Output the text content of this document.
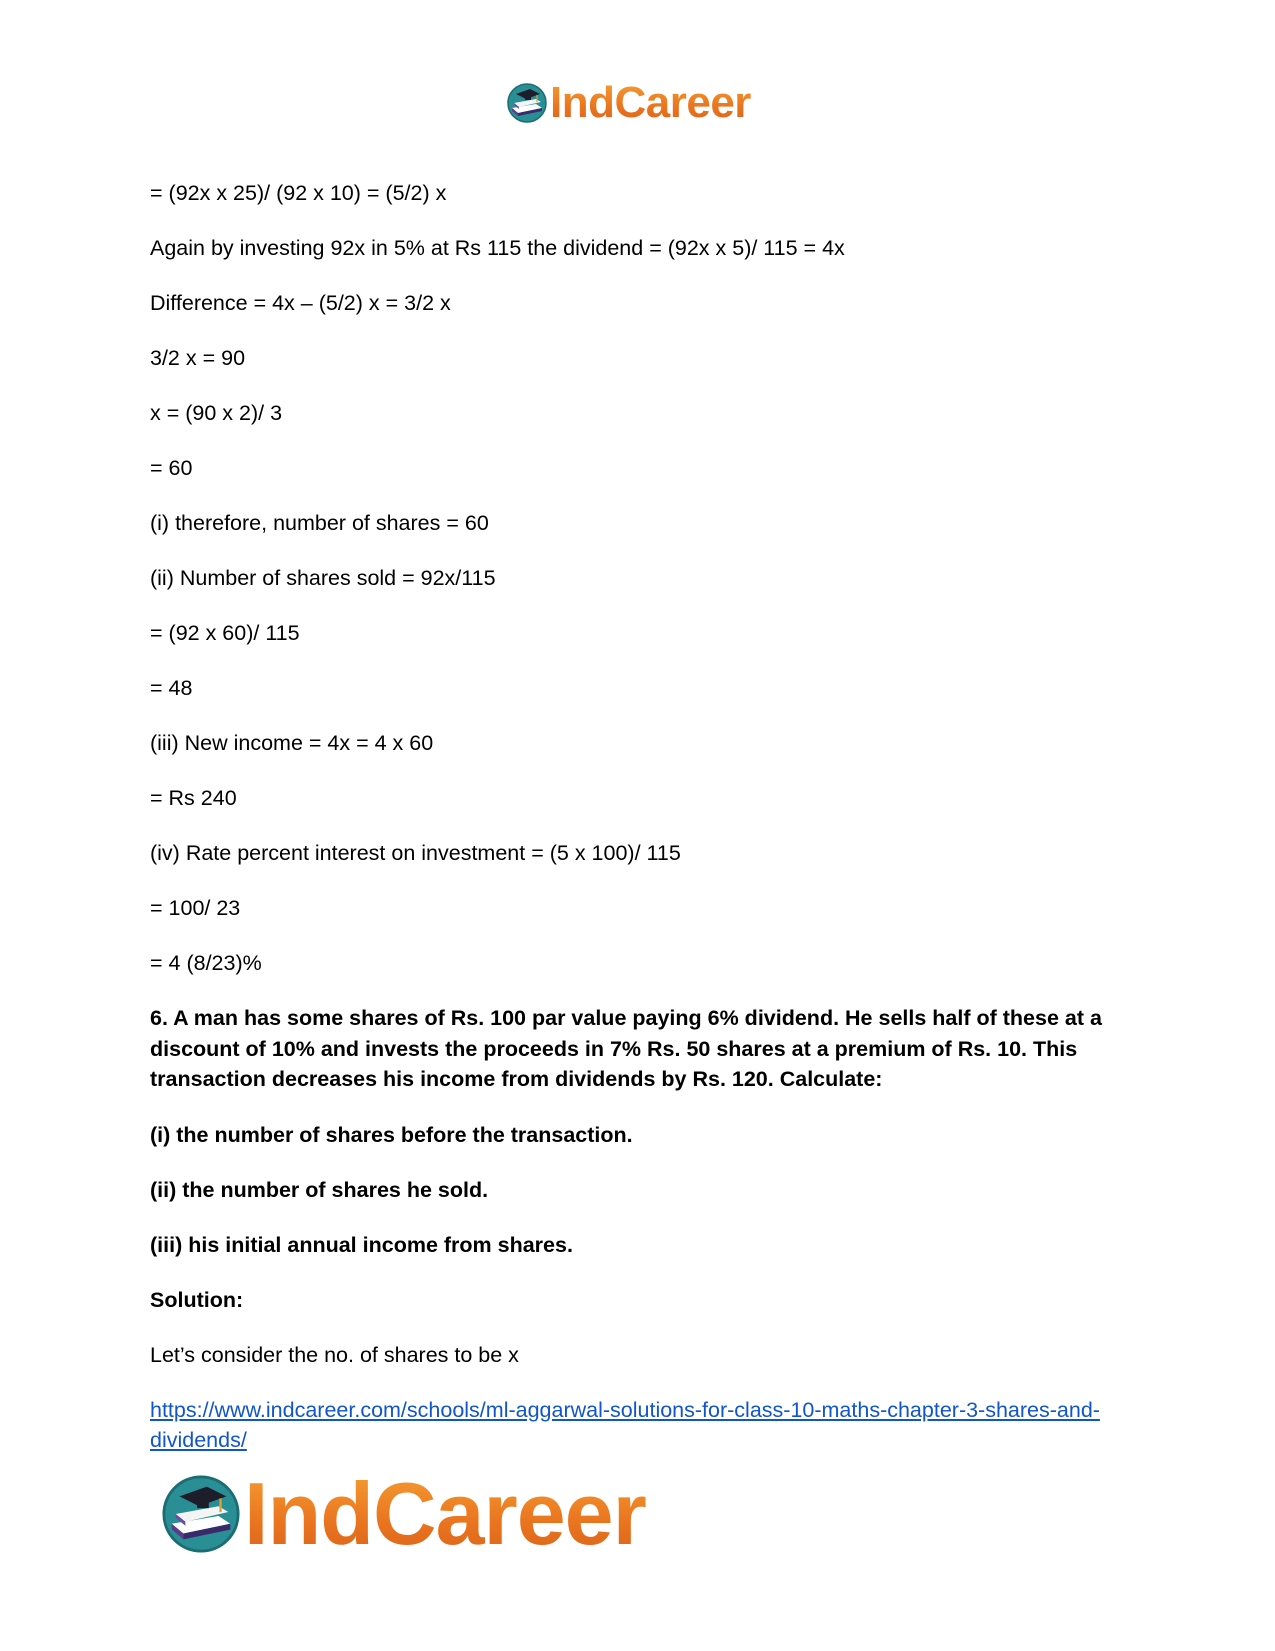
IndCareer

= (92x x 25)/ (92 x 10) = (5/2) x

Again by investing 92x in 5% at Rs 115 the dividend = (92x x 5)/ 115 = 4x

Difference = 4x – (5/2) x = 3/2 x

3/2 x = 90

x = (90 x 2)/ 3

= 60

(i) therefore, number of shares = 60

(ii) Number of shares sold = 92x/115

= (92 x 60)/ 115

= 48

(iii) New income = 4x = 4 x 60

= Rs 240

(iv) Rate percent interest on investment = (5 x 100)/ 115

= 100/ 23

= 4 (8/23)%

6. A man has some shares of Rs. 100 par value paying 6% dividend. He sells half of these at a discount of 10% and invests the proceeds in 7% Rs. 50 shares at a premium of Rs. 10. This transaction decreases his income from dividends by Rs. 120. Calculate:

(i) the number of shares before the transaction.

(ii) the number of shares he sold.

(iii) his initial annual income from shares.

Solution:

Let’s consider the no. of shares to be x

https://www.indcareer.com/schools/ml-aggarwal-solutions-for-class-10-maths-chapter-3-shares-and-dividends/
IndCareer
